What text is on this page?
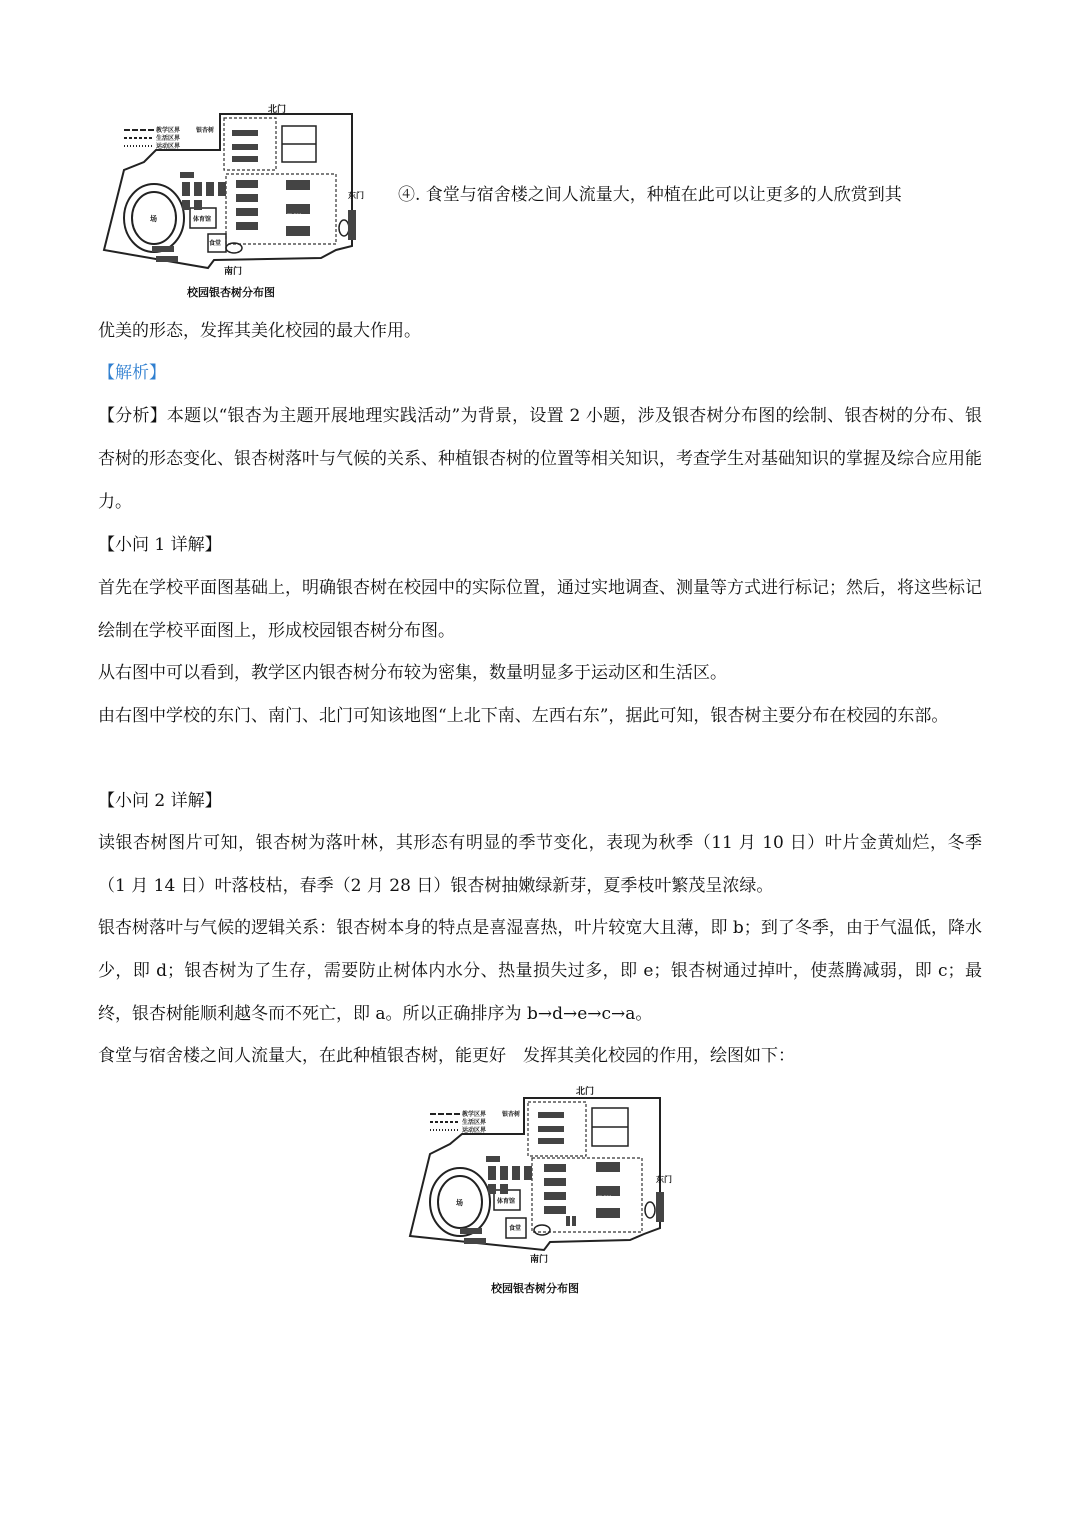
教学区界
生活区界
运动区界
银杏树
北门
南门
东门
场	体育馆
食堂
图书馆
校园银杏树分布图
④. 食堂与宿舍楼之间人流量大，种植在此可以让更多的人欣赏到其

优美的形态，发挥其美化校园的最大作用。

【解析】

【分析】本题以“银杏为主题开展地理实践活动”为背景，设置 2 小题，涉及银杏树分布图的绘制、银杏树的分布、银杏树的形态变化、银杏树落叶与气候的关系、种植银杏树的位置等相关知识，考查学生对基础知识的掌握及综合应用能力。

【小问 1 详解】

首先在学校平面图基础上，明确银杏树在校园中的实际位置，通过实地调查、测量等方式进行标记；然后，将这些标记绘制在学校平面图上，形成校园银杏树分布图。

从右图中可以看到，教学区内银杏树分布较为密集，数量明显多于运动区和生活区。

由右图中学校的东门、南门、北门可知该地图“上北下南、左西右东”，据此可知，银杏树主要分布在校园的东部。

【小问 2 详解】

读银杏树图片可知，银杏树为落叶林，其形态有明显的季节变化，表现为秋季（11 月 10 日）叶片金黄灿烂，冬季（1 月 14 日）叶落枝枯，春季（2 月 28 日）银杏树抽嫩绿新芽，夏季枝叶繁茂呈浓绿。

银杏树落叶与气候的逻辑关系：银杏树本身的特点是喜湿喜热，叶片较宽大且薄，即 b；到了冬季，由于气温低，降水少，即 d；银杏树为了生存，需要防止树体内水分、热量损失过多，即 e；银杏树通过掉叶，使蒸腾减弱，即 c；最终，银杏树能顺利越冬而不死亡，即 a。所以正确排序为 b→d→e→c→a。

食堂与宿舍楼之间人流量大，在此种植银杏树，能更好　发挥其美化校园的作用，绘图如下：

教学区界
生活区界
运动区界
银杏树
北门
南门
东门
场	体育馆
食堂
图书馆
校园银杏树分布图
